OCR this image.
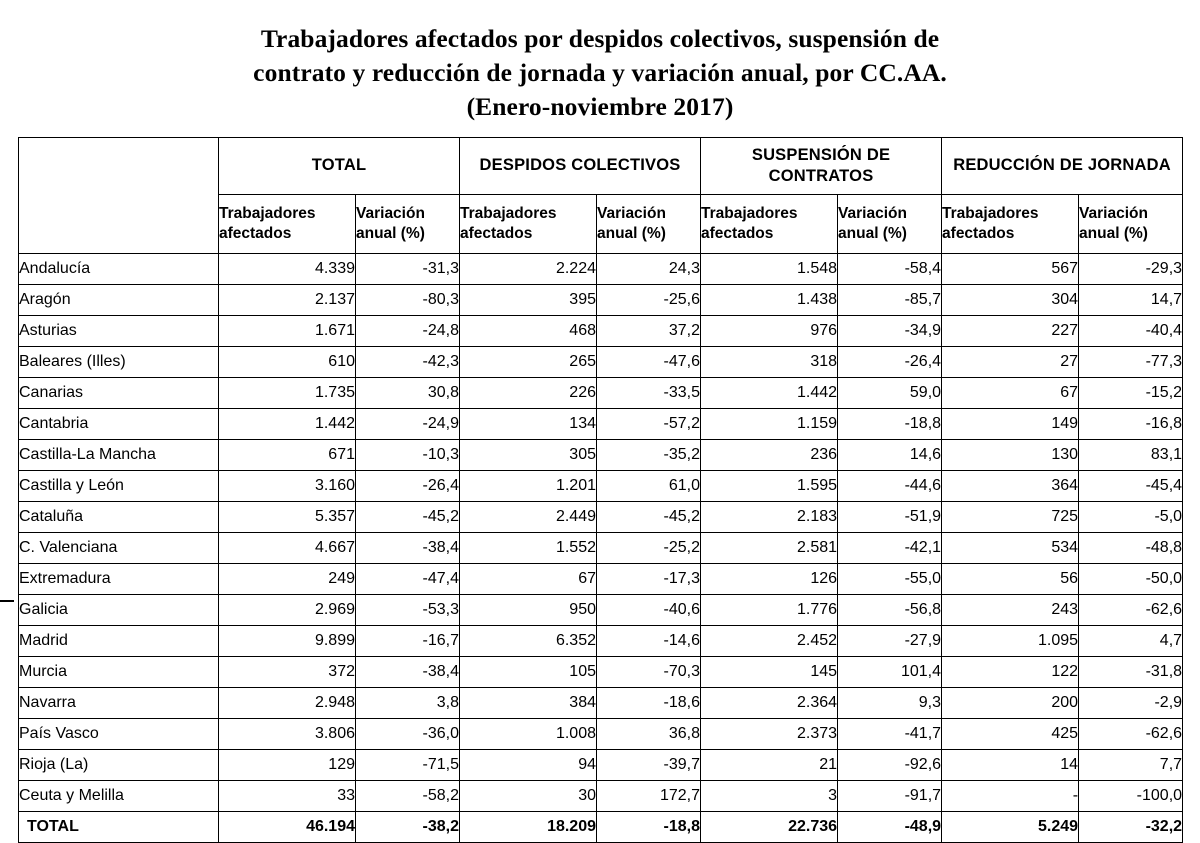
Trabajadores afectados por despidos colectivos, suspensión de
contrato y reducción de jornada y variación anual, por CC.AA.
(Enero-noviembre 2017)
	TOTAL		DESPIDOS COLECTIVOS		SUSPENSIÓN DE CONTRATOS		REDUCCIÓN DE JORNADA	
	Trabajadores afectados	Variación anual (%)	Trabajadores afectados	Variación anual (%)	Trabajadores afectados	Variación anual (%)	Trabajadores afectados	Variación anual (%)
Andalucía	4.339	-31,3	2.224	24,3	1.548	-58,4	567	-29,3
Aragón	2.137	-80,3	395	-25,6	1.438	-85,7	304	14,7
Asturias	1.671	-24,8	468	37,2	976	-34,9	227	-40,4
Baleares (Illes)	610	-42,3	265	-47,6	318	-26,4	27	-77,3
Canarias	1.735	30,8	226	-33,5	1.442	59,0	67	-15,2
Cantabria	1.442	-24,9	134	-57,2	1.159	-18,8	149	-16,8
Castilla-La Mancha	671	-10,3	305	-35,2	236	14,6	130	83,1
Castilla y León	3.160	-26,4	1.201	61,0	1.595	-44,6	364	-45,4
Cataluña	5.357	-45,2	2.449	-45,2	2.183	-51,9	725	-5,0
C. Valenciana	4.667	-38,4	1.552	-25,2	2.581	-42,1	534	-48,8
Extremadura	249	-47,4	67	-17,3	126	-55,0	56	-50,0
Galicia	2.969	-53,3	950	-40,6	1.776	-56,8	243	-62,6
Madrid	9.899	-16,7	6.352	-14,6	2.452	-27,9	1.095	4,7
Murcia	372	-38,4	105	-70,3	145	101,4	122	-31,8
Navarra	2.948	3,8	384	-18,6	2.364	9,3	200	-2,9
País Vasco	3.806	-36,0	1.008	36,8	2.373	-41,7	425	-62,6
Rioja (La)	129	-71,5	94	-39,7	21	-92,6	14	7,7
Ceuta y Melilla	33	-58,2	30	172,7	3	-91,7	-	-100,0
TOTAL	46.194	-38,2	18.209	-18,8	22.736	-48,9	5.249	-32,2
